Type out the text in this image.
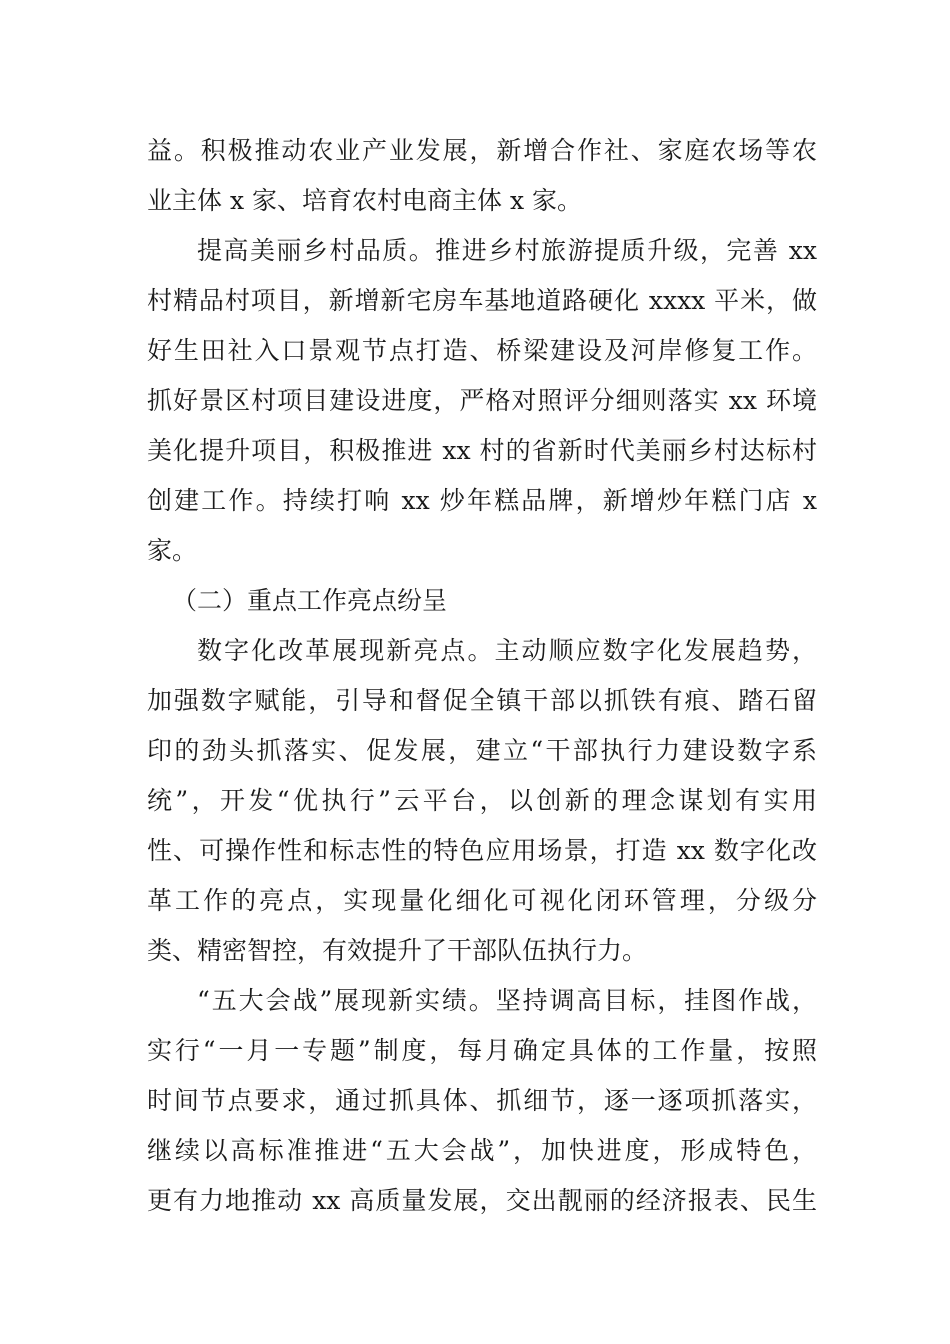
益。积极推动农业产业发展，新增合作社、家庭农场等农
业主体 x 家、培育农村电商主体 x 家。
提高美丽乡村品质。推进乡村旅游提质升级，完善 xx
村精品村项目，新增新宅房车基地道路硬化 xxxx 平米，做
好生田社入口景观节点打造、桥梁建设及河岸修复工作。
抓好景区村项目建设进度，严格对照评分细则落实 xx 环境
美化提升项目，积极推进 xx 村的省新时代美丽乡村达标村
创建工作。持续打响 xx 炒年糕品牌，新增炒年糕门店 x
家。
（二）重点工作亮点纷呈
数字化改革展现新亮点。主动顺应数字化发展趋势，
加强数字赋能，引导和督促全镇干部以抓铁有痕、踏石留
印的劲头抓落实、促发展，建立“干部执行力建设数字系
统”，开发“优执行”云平台，以创新的理念谋划有实用
性、可操作性和标志性的特色应用场景，打造 xx 数字化改
革工作的亮点，实现量化细化可视化闭环管理，分级分
类、精密智控，有效提升了干部队伍执行力。
“五大会战”展现新实绩。坚持调高目标，挂图作战，
实行“一月一专题”制度，每月确定具体的工作量，按照
时间节点要求，通过抓具体、抓细节，逐一逐项抓落实，
继续以高标准推进“五大会战”，加快进度，形成特色，
更有力地推动 xx 高质量发展，交出靓丽的经济报表、民生
